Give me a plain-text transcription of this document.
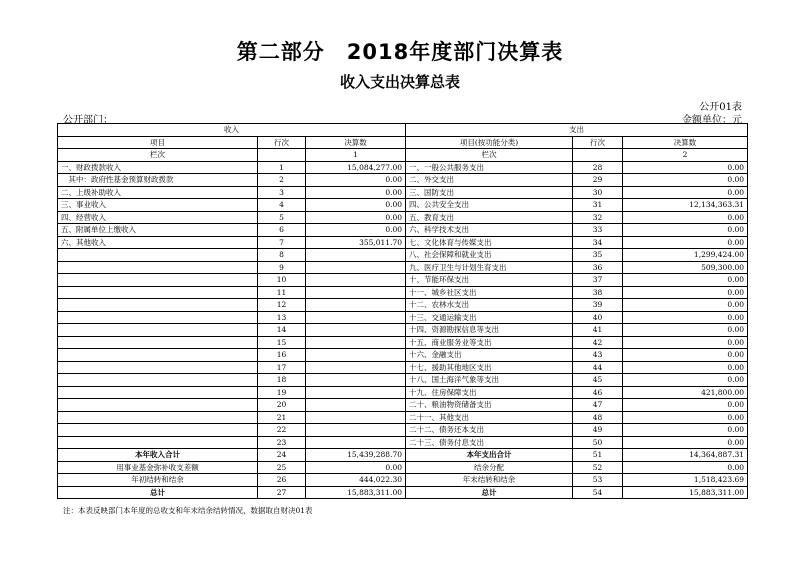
第二部分　2018年度部门决算表
收入支出决算总表
公开01表
金额单位：元
公开部门：
收入			支出		
项目	行次	决算数	项目(按功能分类)	行次	决算数
栏次		1	栏次		2
一、财政拨款收入	1	15,084,277.00	一、一般公共服务支出	28	0.00
　其中：政府性基金预算财政拨款	2	0.00	二、外交支出	29	0.00
二、上级补助收入	3	0.00	三、国防支出	30	0.00
三、事业收入	4	0.00	四、公共安全支出	31	12,134,363.31
四、经营收入	5	0.00	五、教育支出	32	0.00
五、附属单位上缴收入	6	0.00	六、科学技术支出	33	0.00
六、其他收入	7	355,011.70	七、文化体育与传媒支出	34	0.00
	8		八、社会保障和就业支出	35	1,299,424.00
	9		九、医疗卫生与计划生育支出	36	509,300.00
	10		十、节能环保支出	37	0.00
	11		十一、城乡社区支出	38	0.00
	12		十二、农林水支出	39	0.00
	13		十三、交通运输支出	40	0.00
	14		十四、资源勘探信息等支出	41	0.00
	15		十五、商业服务业等支出	42	0.00
	16		十六、金融支出	43	0.00
	17		十七、援助其他地区支出	44	0.00
	18		十八、国土海洋气象等支出	45	0.00
	19		十九、住房保障支出	46	421,800.00
	20		二十、粮油物资储备支出	47	0.00
	21		二十一、其他支出	48	0.00
	22		二十二、债务还本支出	49	0.00
	23		二十三、债务付息支出	50	0.00
本年收入合计	24	15,439,288.70	本年支出合计	51	14,364,887.31
用事业基金弥补收支差额	25	0.00	结余分配	52	0.00
年初结转和结余	26	444,022.30	年末结转和结余	53	1,518,423.69
总计	27	15,883,311.00	总计	54	15,883,311.00
注：本表反映部门本年度的总收支和年末结余结转情况，数据取自财决01表
